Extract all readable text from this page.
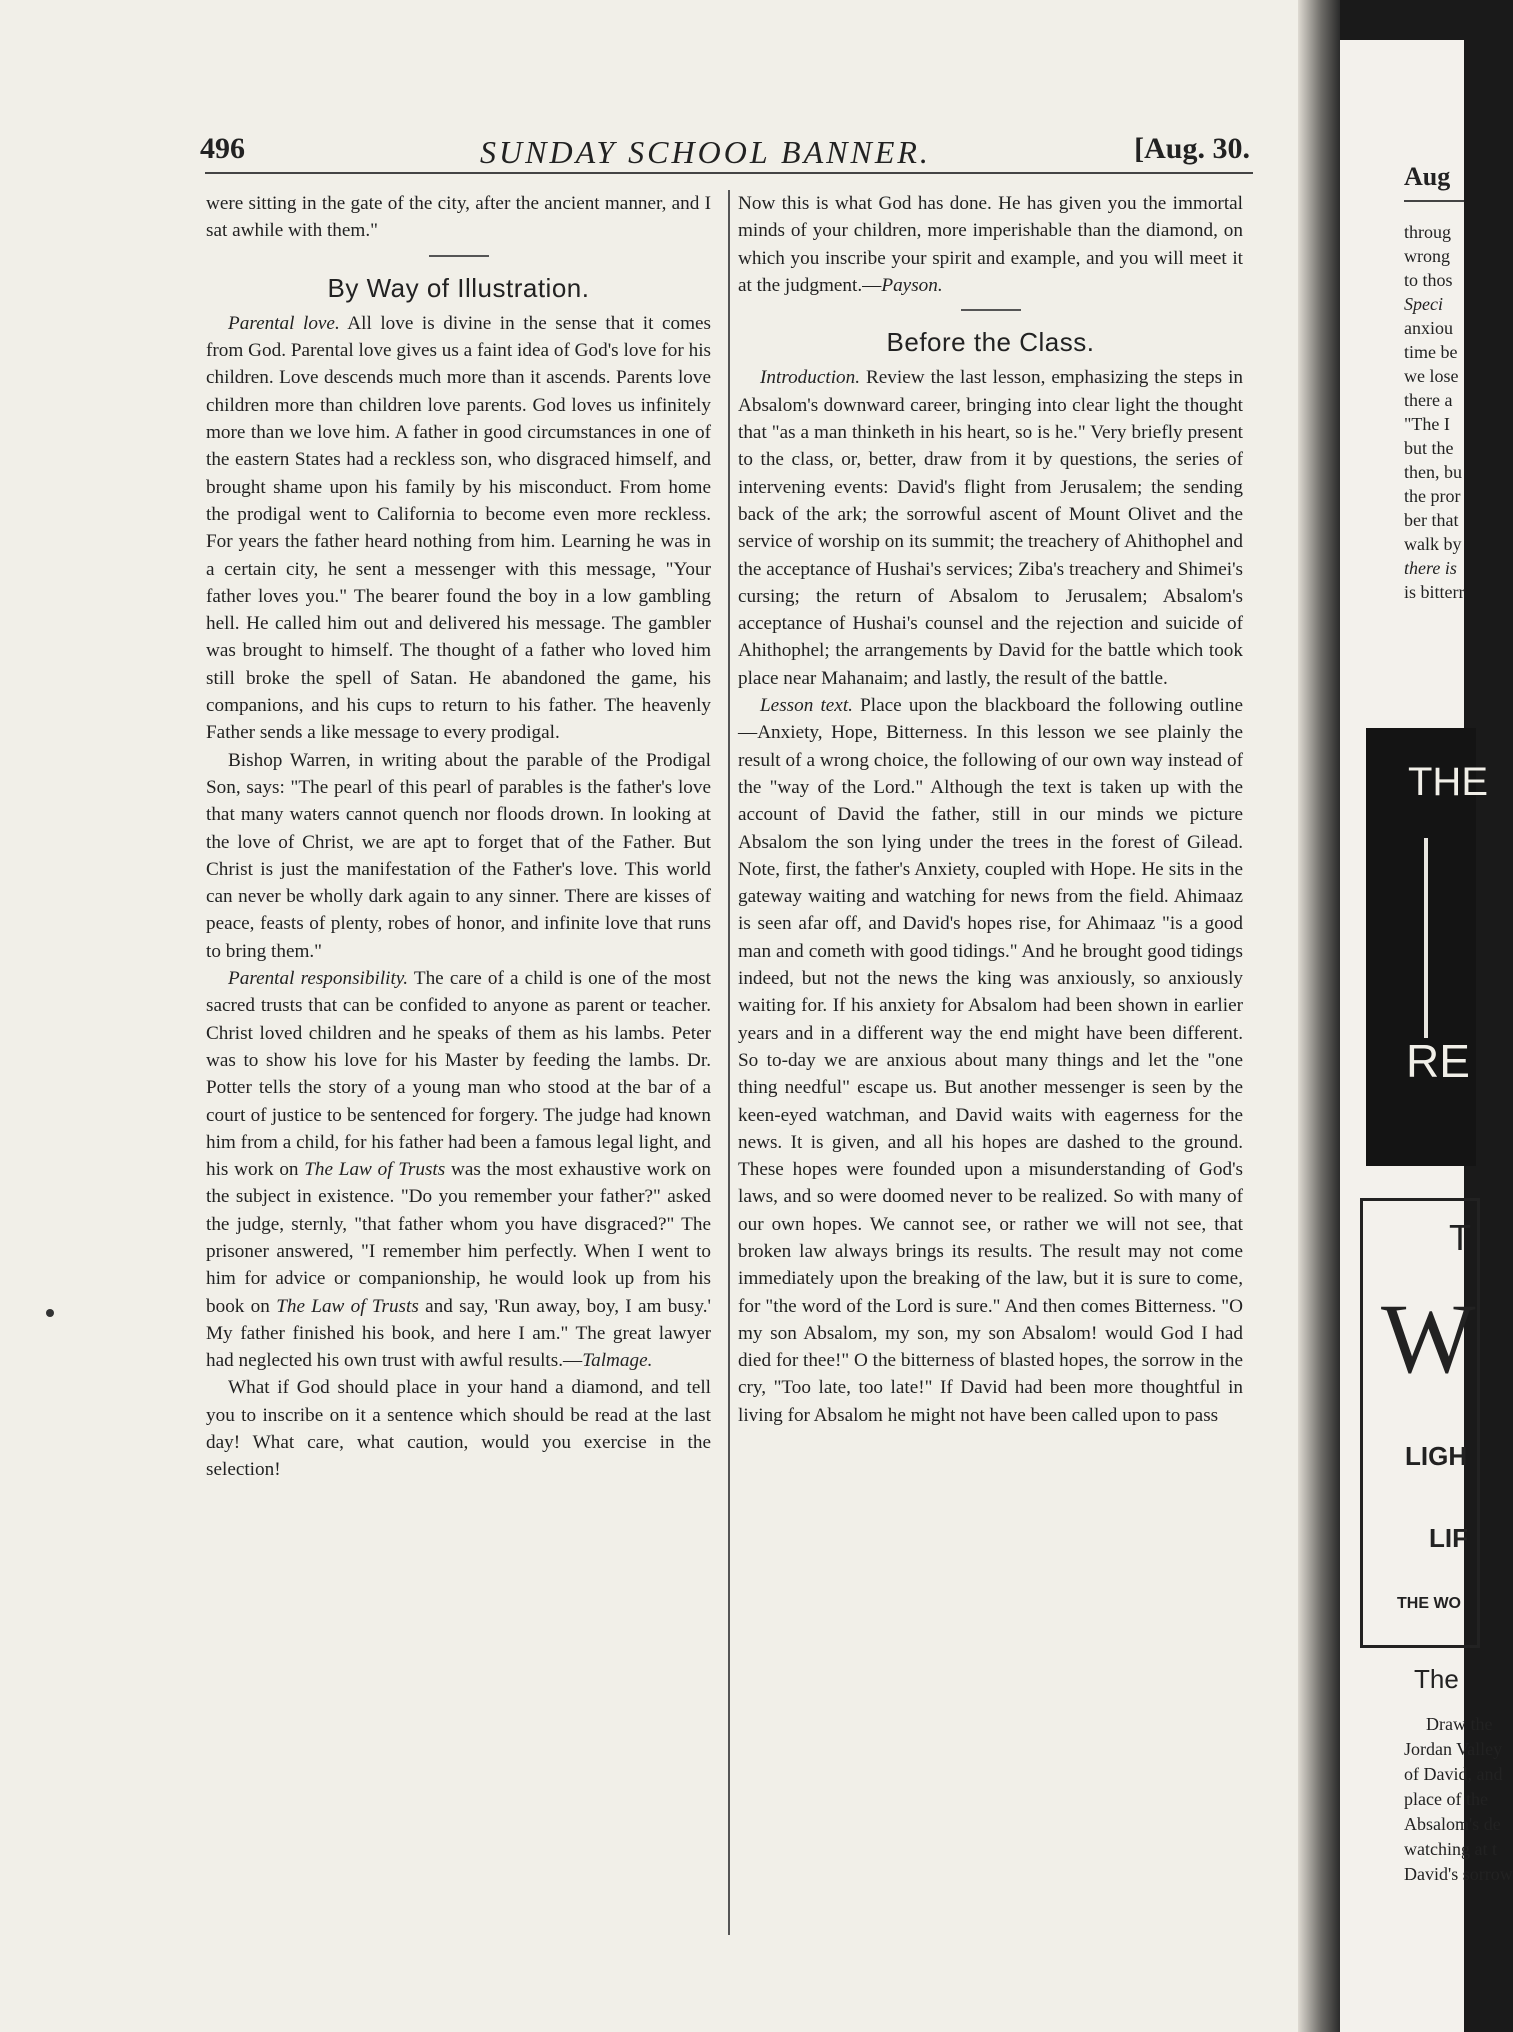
496	SUNDAY SCHOOL BANNER.	[Aug. 30.

were sitting in the gate of the city, after the ancient manner, and I sat awhile with them."

By Way of Illustration.

Parental love. All love is divine in the sense that it comes from God. Parental love gives us a faint idea of God's love for his children. Love descends much more than it ascends. Parents love children more than children love parents. God loves us infinitely more than we love him. A father in good circumstances in one of the eastern States had a reckless son, who disgraced himself, and brought shame upon his family by his misconduct. From home the prodigal went to California to become even more reckless. For years the father heard nothing from him. Learning he was in a certain city, he sent a messenger with this message, "Your father loves you." The bearer found the boy in a low gambling hell. He called him out and delivered his message. The gambler was brought to himself. The thought of a father who loved him still broke the spell of Satan. He abandoned the game, his companions, and his cups to return to his father. The heavenly Father sends a like message to every prodigal.

Bishop Warren, in writing about the parable of the Prodigal Son, says: "The pearl of this pearl of parables is the father's love that many waters cannot quench nor floods drown. In looking at the love of Christ, we are apt to forget that of the Father. But Christ is just the manifestation of the Father's love. This world can never be wholly dark again to any sinner. There are kisses of peace, feasts of plenty, robes of honor, and infinite love that runs to bring them."

Parental responsibility. The care of a child is one of the most sacred trusts that can be confided to anyone as parent or teacher. Christ loved children and he speaks of them as his lambs. Peter was to show his love for his Master by feeding the lambs. Dr. Potter tells the story of a young man who stood at the bar of a court of justice to be sentenced for forgery. The judge had known him from a child, for his father had been a famous legal light, and his work on The Law of Trusts was the most exhaustive work on the subject in existence. "Do you remember your father?" asked the judge, sternly, "that father whom you have disgraced?" The prisoner answered, "I remember him perfectly. When I went to him for advice or companionship, he would look up from his book on The Law of Trusts and say, 'Run away, boy, I am busy.' My father finished his book, and here I am." The great lawyer had neglected his own trust with awful results.—Talmage.

What if God should place in your hand a diamond, and tell you to inscribe on it a sentence which should be read at the last day! What care, what caution, would you exercise in the selection!

Now this is what God has done. He has given you the immortal minds of your children, more imperishable than the diamond, on which you inscribe your spirit and example, and you will meet it at the judgment.—Payson.

Before the Class.

Introduction. Review the last lesson, emphasizing the steps in Absalom's downward career, bringing into clear light the thought that "as a man thinketh in his heart, so is he." Very briefly present to the class, or, better, draw from it by questions, the series of intervening events: David's flight from Jerusalem; the sending back of the ark; the sorrowful ascent of Mount Olivet and the service of worship on its summit; the treachery of Ahithophel and the acceptance of Hushai's services; Ziba's treachery and Shimei's cursing; the return of Absalom to Jerusalem; Absalom's acceptance of Hushai's counsel and the rejection and suicide of Ahithophel; the arrangements by David for the battle which took place near Mahanaim; and lastly, the result of the battle.

Lesson text. Place upon the blackboard the following outline—Anxiety, Hope, Bitterness. In this lesson we see plainly the result of a wrong choice, the following of our own way instead of the "way of the Lord." Although the text is taken up with the account of David the father, still in our minds we picture Absalom the son lying under the trees in the forest of Gilead. Note, first, the father's Anxiety, coupled with Hope. He sits in the gateway waiting and watching for news from the field. Ahimaaz is seen afar off, and David's hopes rise, for Ahimaaz "is a good man and cometh with good tidings." And he brought good tidings indeed, but not the news the king was anxiously, so anxiously waiting for. If his anxiety for Absalom had been shown in earlier years and in a different way the end might have been different. So to-day we are anxious about many things and let the "one thing needful" escape us. But another messenger is seen by the keen-eyed watchman, and David waits with eagerness for the news. It is given, and all his hopes are dashed to the ground. These hopes were founded upon a misunderstanding of God's laws, and so were doomed never to be realized. So with many of our own hopes. We cannot see, or rather we will not see, that broken law always brings its results. The result may not come immediately upon the breaking of the law, but it is sure to come, for "the word of the Lord is sure." And then comes Bitterness. "O my son Absalom, my son, my son Absalom! would God I had died for thee!" O the bitterness of blasted hopes, the sorrow in the cry, "Too late, too late!" If David had been more thoughtful in living for Absalom he might not have been called upon to pass

Aug
throug
wrong
to thos
Speci
anxiou
time be
we lose
there a
"The I
but the
then, bu
the pror
ber that
walk by
there is
is bitterr
THE
RE
T
W
LIGH
LIF
THE WO
The
Draw the
Jordan Valley
of David, and
place of the
Absalom's de
watching at t
David's sorrow
